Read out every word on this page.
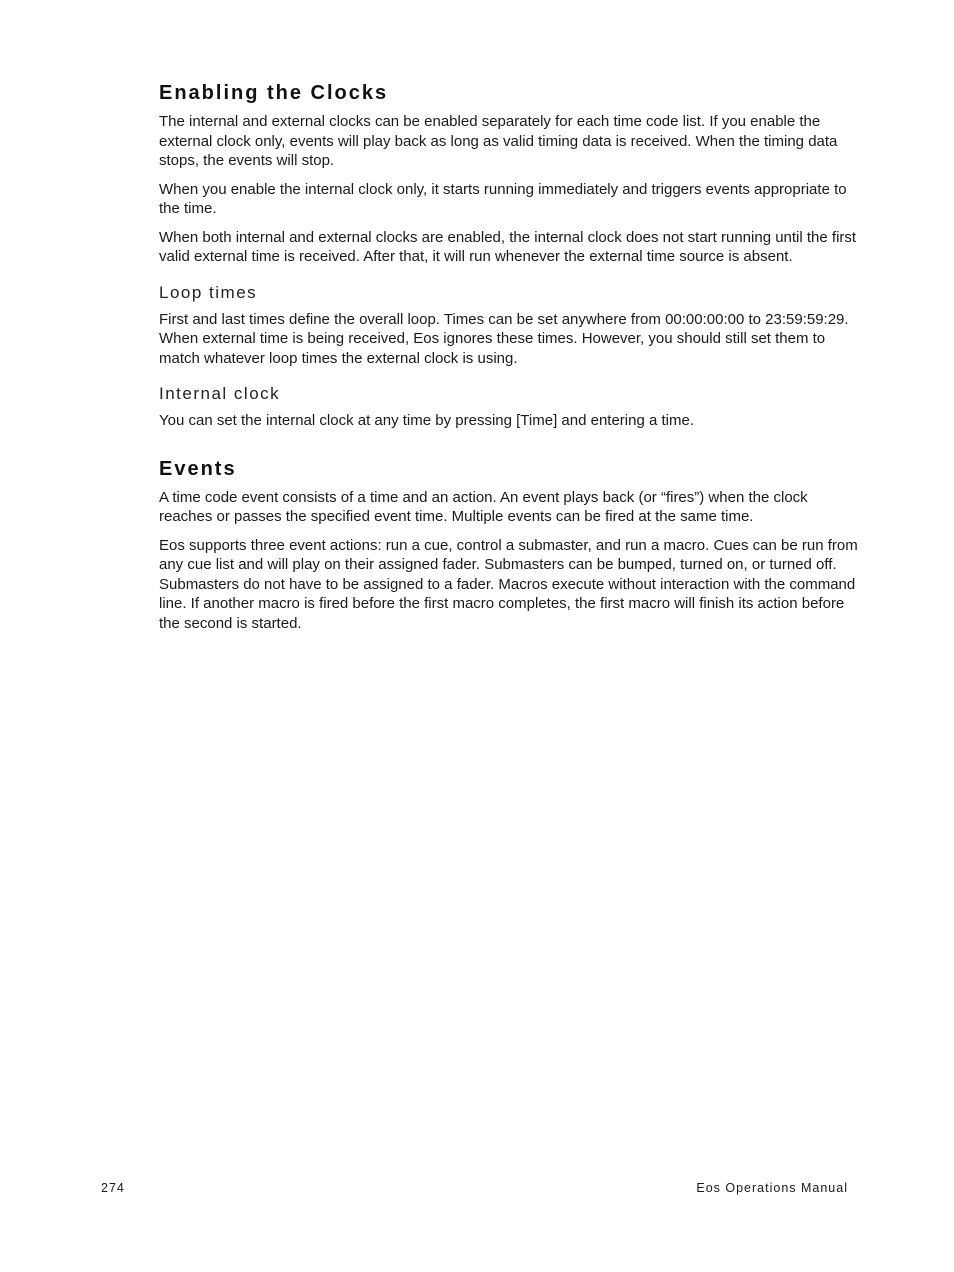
Enabling the Clocks

The internal and external clocks can be enabled separately for each time code list. If you enable the external clock only, events will play back as long as valid timing data is received. When the timing data stops, the events will stop.

When you enable the internal clock only, it starts running immediately and triggers events appropriate to the time.

When both internal and external clocks are enabled, the internal clock does not start running until the first valid external time is received. After that, it will run whenever the external time source is absent.

Loop times

First and last times define the overall loop. Times can be set anywhere from 00:00:00:00 to 23:59:59:29. When external time is being received, Eos ignores these times. However, you should still set them to match whatever loop times the external clock is using.

Internal clock

You can set the internal clock at any time by pressing [Time] and entering a time.

Events

A time code event consists of a time and an action. An event plays back (or “fires”) when the clock reaches or passes the specified event time. Multiple events can be fired at the same time.

Eos supports three event actions: run a cue, control a submaster, and run a macro. Cues can be run from any cue list and will play on their assigned fader. Submasters can be bumped, turned on, or turned off. Submasters do not have to be assigned to a fader. Macros execute without interaction with the command line. If another macro is fired before the first macro completes, the first macro will finish its action before the second is started.

274	Eos Operations Manual
